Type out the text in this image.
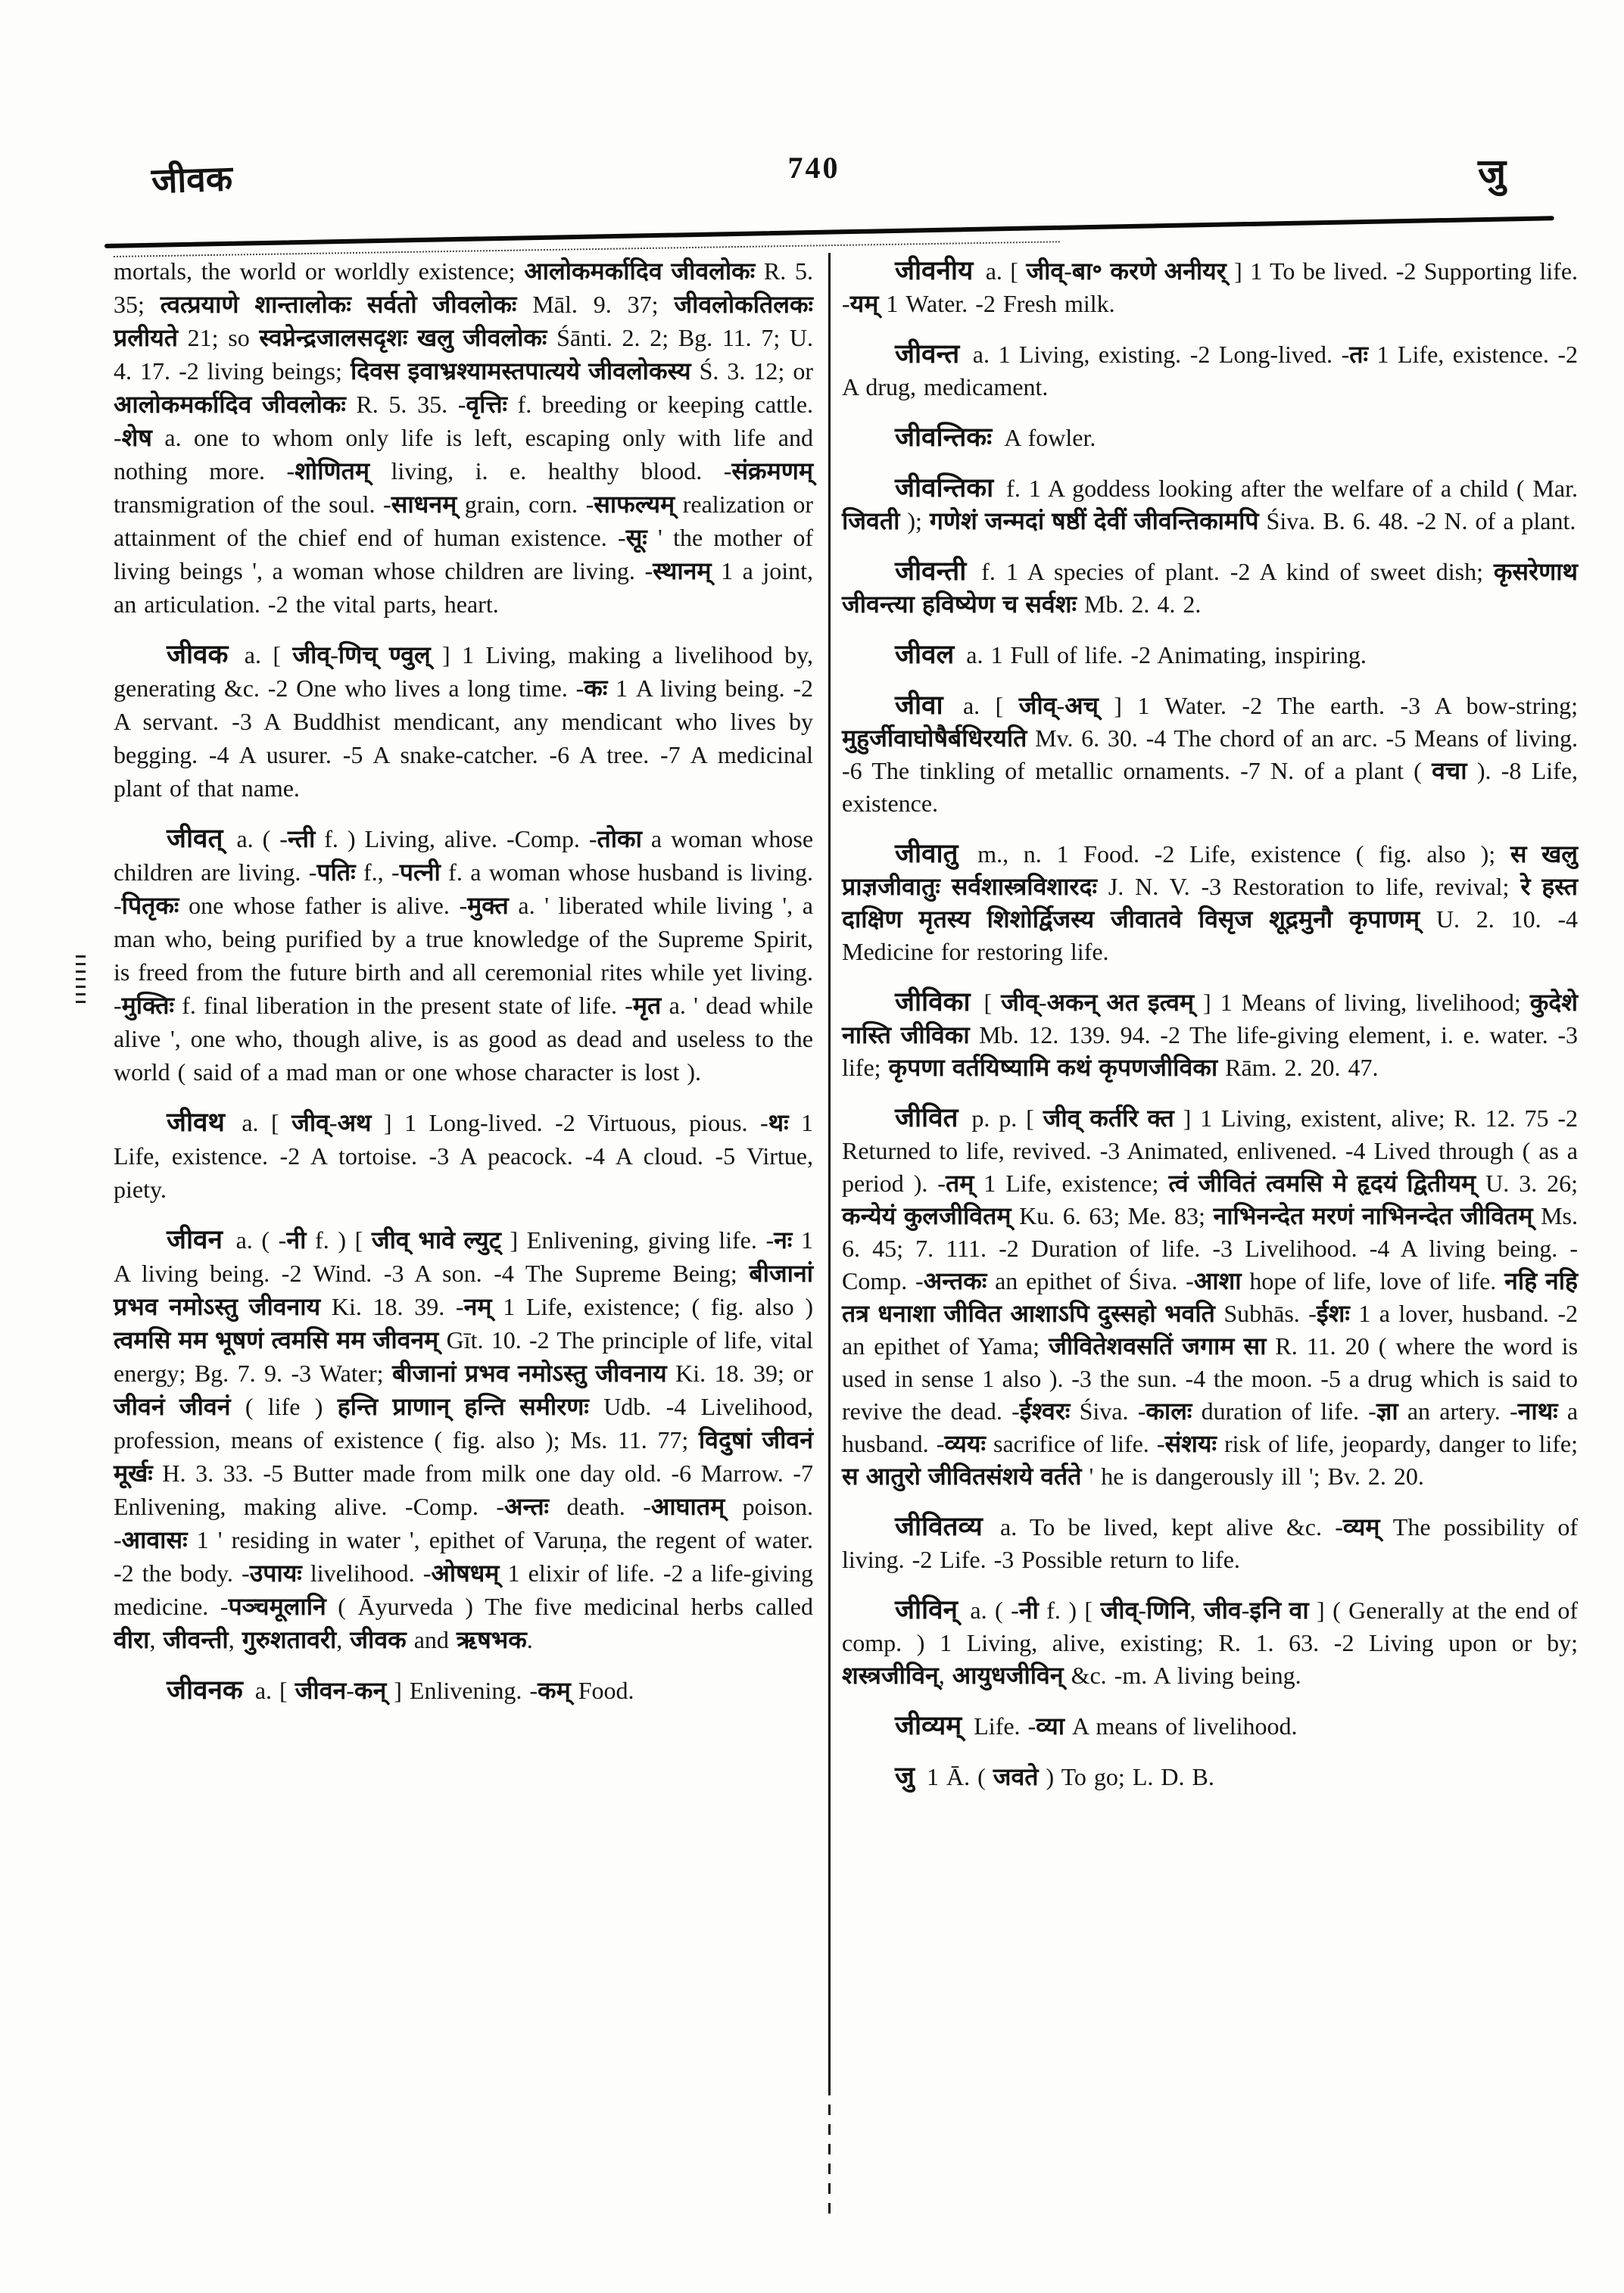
जीवक	740	जु

mortals, the world or worldly existence; आलोकमर्कादिव जीवलोकः R. 5. 35; त्वत्प्रयाणे शान्तालोकः सर्वतो जीवलोकः Māl. 9. 37; जीवलोकतिलकः प्रलीयते 21; so स्वप्नेन्द्रजालसदृशः खलु जीवलोकः Śānti. 2. 2; Bg. 11. 7; U. 4. 17. -2 living beings; दिवस इवाभ्रश्यामस्तपात्यये जीवलोकस्य Ś. 3. 12; or आलोकमर्कादिव जीवलोकः R. 5. 35. -वृत्तिः f. breeding or keeping cattle. -शेष a. one to whom only life is left, escaping only with life and nothing more. -शोणितम् living, i. e. healthy blood. -संक्रमणम् transmigration of the soul. -साधनम् grain, corn. -साफल्यम् realization or attainment of the chief end of human existence. -सूः ' the mother of living beings ', a woman whose children are living. -स्थानम् 1 a joint, an articulation. -2 the vital parts, heart.

जीवक a. [ जीव्-णिच् ण्वुल् ] 1 Living, making a livelihood by, generating &c. -2 One who lives a long time. -कः 1 A living being. -2 A servant. -3 A Buddhist mendicant, any mendicant who lives by begging. -4 A usurer. -5 A snake-catcher. -6 A tree. -7 A medicinal plant of that name.

जीवत् a. ( -न्ती f. ) Living, alive. -Comp. -तोका a woman whose children are living. -पतिः f., -पत्नी f. a woman whose husband is living. -पितृकः one whose father is alive. -मुक्त a. ' liberated while living ', a man who, being purified by a true knowledge of the Supreme Spirit, is freed from the future birth and all ceremonial rites while yet living. -मुक्तिः f. final liberation in the present state of life. -मृत a. ' dead while alive ', one who, though alive, is as good as dead and useless to the world ( said of a mad man or one whose character is lost ).

जीवथ a. [ जीव्-अथ ] 1 Long-lived. -2 Virtuous, pious. -थः 1 Life, existence. -2 A tortoise. -3 A peacock. -4 A cloud. -5 Virtue, piety.

जीवन a. ( -नी f. ) [ जीव् भावे ल्युट् ] Enlivening, giving life. -नः 1 A living being. -2 Wind. -3 A son. -4 The Supreme Being; बीजानां प्रभव नमोऽस्तु जीवनाय Ki. 18. 39. -नम् 1 Life, existence; ( fig. also ) त्वमसि मम भूषणं त्वमसि मम जीवनम् Gīt. 10. -2 The principle of life, vital energy; Bg. 7. 9. -3 Water; बीजानां प्रभव नमोऽस्तु जीवनाय Ki. 18. 39; or जीवनं जीवनं ( life ) हन्ति प्राणान् हन्ति समीरणः Udb. -4 Livelihood, profession, means of existence ( fig. also ); Ms. 11. 77; विदुषां जीवनं मूर्खः H. 3. 33. -5 Butter made from milk one day old. -6 Marrow. -7 Enlivening, making alive. -Comp. -अन्तः death. -आघातम् poison. -आवासः 1 ' residing in water ', epithet of Varuṇa, the regent of water. -2 the body. -उपायः livelihood. -ओषधम् 1 elixir of life. -2 a life-giving medicine. -पञ्चमूलानि ( Āyurveda ) The five medicinal herbs called वीरा, जीवन्ती, गुरुशतावरी, जीवक and ऋषभक.

जीवनक a. [ जीवन-कन् ] Enlivening. -कम् Food.

जीवनीय a. [ जीव्-बा॰ करणे अनीयर् ] 1 To be lived. -2 Supporting life. -यम् 1 Water. -2 Fresh milk.

जीवन्त a. 1 Living, existing. -2 Long-lived. -तः 1 Life, existence. -2 A drug, medicament.

जीवन्तिकः A fowler.

जीवन्तिका f. 1 A goddess looking after the welfare of a child ( Mar. जिवती ); गणेशं जन्मदां षष्ठीं देवीं जीवन्तिकामपि Śiva. B. 6. 48. -2 N. of a plant.

जीवन्ती f. 1 A species of plant. -2 A kind of sweet dish; कृसरेणाथ जीवन्त्या हविष्येण च सर्वशः Mb. 2. 4. 2.

जीवल a. 1 Full of life. -2 Animating, inspiring.

जीवा a. [ जीव्-अच् ] 1 Water. -2 The earth. -3 A bow-string; मुहुर्जीवाघोषैर्बधिरयति Mv. 6. 30. -4 The chord of an arc. -5 Means of living. -6 The tinkling of metallic ornaments. -7 N. of a plant ( वचा ). -8 Life, existence.

जीवातु m., n. 1 Food. -2 Life, existence ( fig. also ); स खलु प्राज्ञजीवातुः सर्वशास्त्रविशारदः J. N. V. -3 Restoration to life, revival; रे हस्त दाक्षिण मृतस्य शिशोर्द्विजस्य जीवातवे विसृज शूद्रमुनौ कृपाणम् U. 2. 10. -4 Medicine for restoring life.

जीविका [ जीव्-अकन् अत इत्वम् ] 1 Means of living, livelihood; कुदेशे नास्ति जीविका Mb. 12. 139. 94. -2 The life-giving element, i. e. water. -3 life; कृपणा वर्तयिष्यामि कथं कृपणजीविका Rām. 2. 20. 47.

जीवित p. p. [ जीव् कर्तरि क्त ] 1 Living, existent, alive; R. 12. 75 -2 Returned to life, revived. -3 Animated, enlivened. -4 Lived through ( as a period ). -तम् 1 Life, existence; त्वं जीवितं त्वमसि मे हृदयं द्वितीयम् U. 3. 26; कन्येयं कुलजीवितम् Ku. 6. 63; Me. 83; नाभिनन्देत मरणं नाभिनन्देत जीवितम् Ms. 6. 45; 7. 111. -2 Duration of life. -3 Livelihood. -4 A living being. -Comp. -अन्तकः an epithet of Śiva. -आशा hope of life, love of life. नहि नहि तत्र धनाशा जीवित आशाऽपि दुस्सहो भवति Subhās. -ईशः 1 a lover, husband. -2 an epithet of Yama; जीवितेशवसतिं जगाम सा R. 11. 20 ( where the word is used in sense 1 also ). -3 the sun. -4 the moon. -5 a drug which is said to revive the dead. -ईश्वरः Śiva. -कालः duration of life. -ज्ञा an artery. -नाथः a husband. -व्ययः sacrifice of life. -संशयः risk of life, jeopardy, danger to life; स आतुरो जीवितसंशये वर्तते ' he is dangerously ill '; Bv. 2. 20.

जीवितव्य a. To be lived, kept alive &c. -व्यम् The possibility of living. -2 Life. -3 Possible return to life.

जीविन् a. ( -नी f. ) [ जीव्-णिनि, जीव-इनि वा ] ( Generally at the end of comp. ) 1 Living, alive, existing; R. 1. 63. -2 Living upon or by; शस्त्रजीविन्, आयुधजीविन् &c. -m. A living being.

जीव्यम् Life. -व्या A means of livelihood.

जु 1 Ā. ( जवते ) To go; L. D. B.
